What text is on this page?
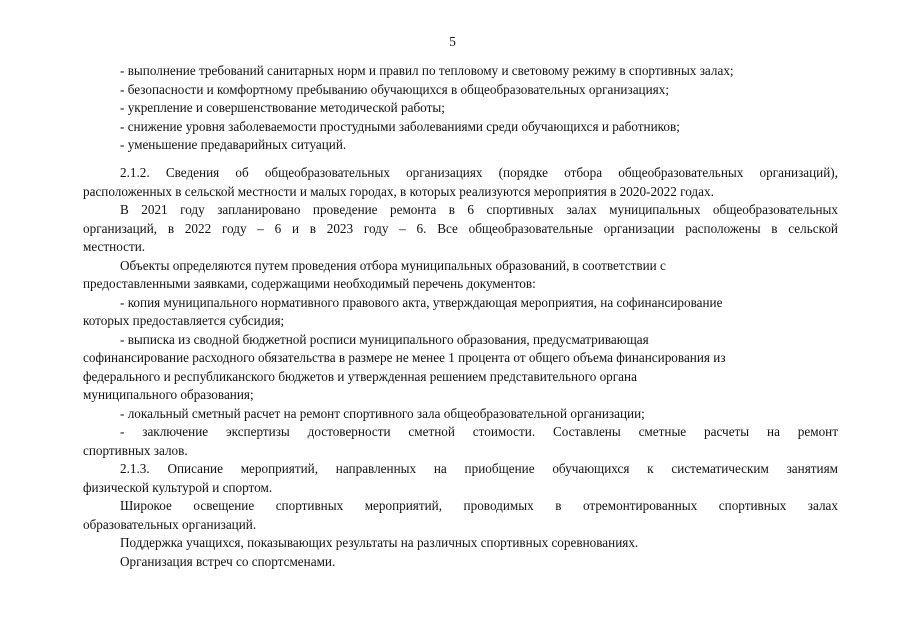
5
- выполнение требований санитарных норм и правил по тепловому и световому режиму в спортивных залах;
- безопасности и комфортному пребыванию обучающихся в общеобразовательных организациях;
- укрепление и совершенствование методической работы;
- снижение уровня заболеваемости простудными заболеваниями среди обучающихся и работников;
- уменьшение предаварийных ситуаций.
2.1.2. Сведения об общеобразовательных организациях (порядке отбора общеобразовательных организаций),
расположенных в сельской местности и малых городах, в которых реализуются мероприятия в 2020-2022 годах.
В 2021 году запланировано проведение ремонта в 6 спортивных залах муниципальных общеобразовательных
организаций, в 2022 году – 6 и в 2023 году – 6. Все общеобразовательные организации расположены в сельской
местности.
Объекты определяются путем проведения отбора муниципальных образований, в соответствии с
предоставленными заявками, содержащими необходимый перечень документов:
- копия муниципального нормативного правового акта, утверждающая мероприятия, на софинансирование
которых предоставляется субсидия;
- выписка из сводной бюджетной росписи муниципального образования, предусматривающая
софинансирование расходного обязательства в размере не менее 1 процента от общего объема финансирования из
федерального и республиканского бюджетов и утвержденная решением представительного органа
муниципального образования;
- локальный сметный расчет на ремонт спортивного зала общеобразовательной организации;
- заключение экспертизы достоверности сметной стоимости. Составлены сметные расчеты на ремонт
спортивных залов.
2.1.3. Описание мероприятий, направленных на приобщение обучающихся к систематическим занятиям
физической культурой и спортом.
Широкое освещение спортивных мероприятий, проводимых в отремонтированных спортивных залах
образовательных организаций.
Поддержка учащихся, показывающих результаты на различных спортивных соревнованиях.
Организация встреч со спортсменами.
